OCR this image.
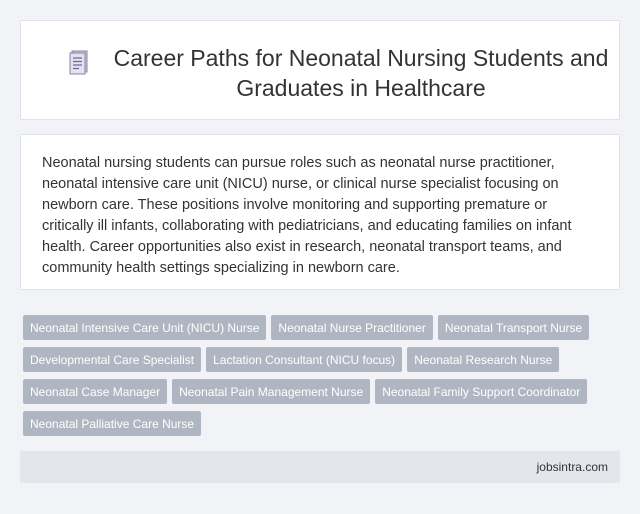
Career Paths for Neonatal Nursing Students and Graduates in Healthcare

Neonatal nursing students can pursue roles such as neonatal nurse practitioner, neonatal intensive care unit (NICU) nurse, or clinical nurse specialist focusing on newborn care. These positions involve monitoring and supporting premature or critically ill infants, collaborating with pediatricians, and educating families on infant health. Career opportunities also exist in research, neonatal transport teams, and community health settings specializing in newborn care.

Neonatal Intensive Care Unit (NICU) Nurse Neonatal Nurse Practitioner Neonatal Transport NurseDevelopmental Care Specialist Lactation Consultant (NICU focus) Neonatal Research NurseNeonatal Case Manager Neonatal Pain Management Nurse Neonatal Family Support CoordinatorNeonatal Palliative Care Nurse
jobsintra.com
